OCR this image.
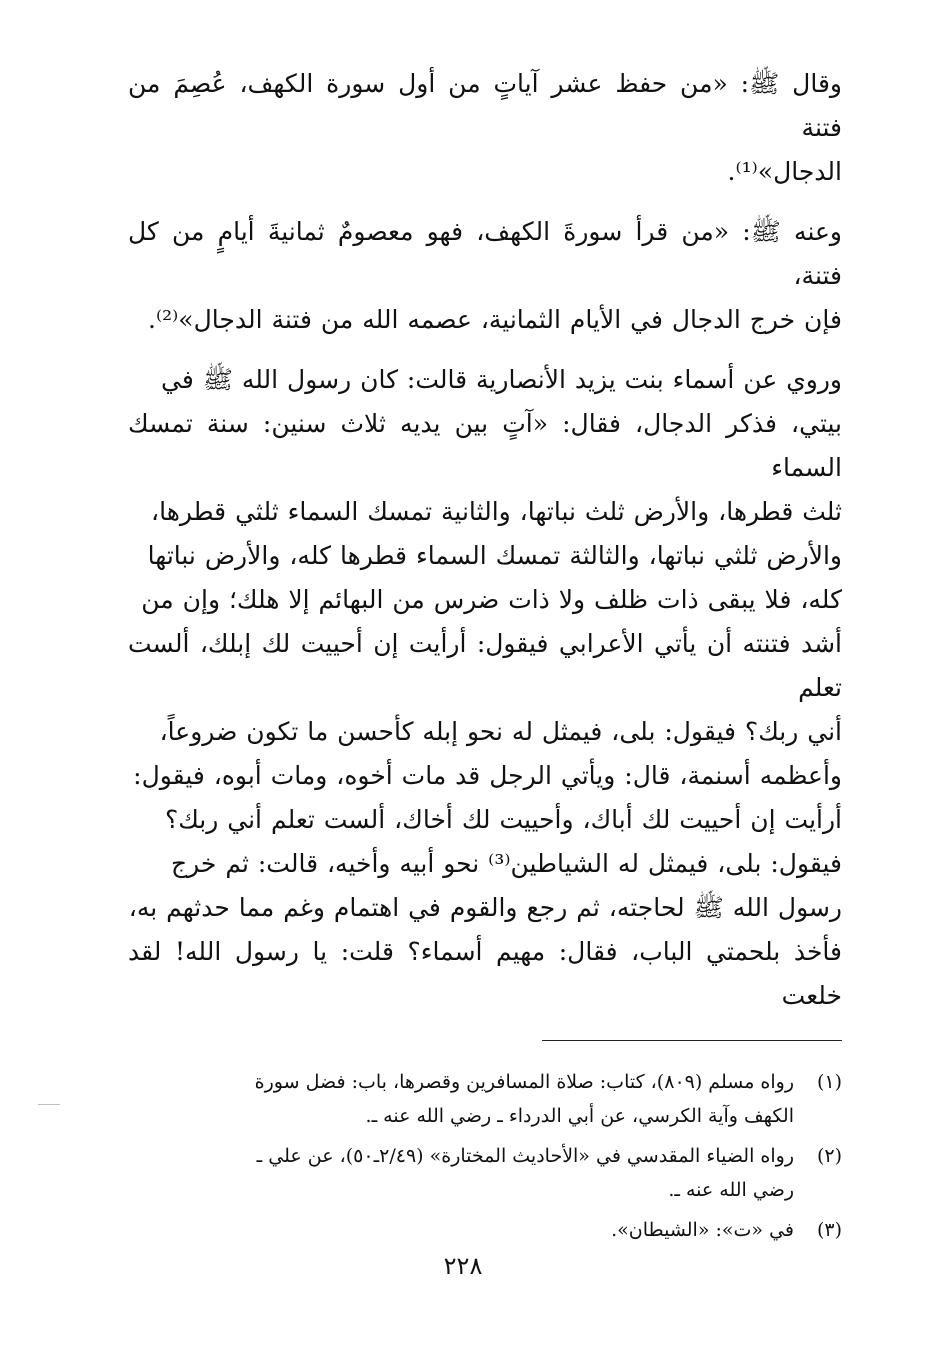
وقال ﷺ: «من حفظ عشر آياتٍ من أول سورة الكهف، عُصِمَ من فتنة
الدجال»⁽¹⁾.

وعنه ﷺ: «من قرأ سورةَ الكهف، فهو معصومٌ ثمانيةَ أيامٍ من كل فتنة،
فإن خرج الدجال في الأيام الثمانية، عصمه الله من فتنة الدجال»⁽²⁾.

وروي عن أسماء بنت يزيد الأنصارية قالت: كان رسول الله ﷺ في
بيتي، فذكر الدجال، فقال: «آتٍ بين يديه ثلاث سنين: سنة تمسك السماء
ثلث قطرها، والأرض ثلث نباتها، والثانية تمسك السماء ثلثي قطرها،
والأرض ثلثي نباتها، والثالثة تمسك السماء قطرها كله، والأرض نباتها
كله، فلا يبقى ذات ظلف ولا ذات ضرس من البهائم إلا هلك؛ وإن من
أشد فتنته أن يأتي الأعرابي فيقول: أرأيت إن أحييت لك إبلك، ألست تعلم
أني ربك؟ فيقول: بلى، فيمثل له نحو إبله كأحسن ما تكون ضروعاً،
وأعظمه أسنمة، قال: ويأتي الرجل قد مات أخوه، ومات أبوه، فيقول:
أرأيت إن أحييت لك أباك، وأحييت لك أخاك، ألست تعلم أني ربك؟
فيقول: بلى، فيمثل له الشياطين⁽³⁾ نحو أبيه وأخيه، قالت: ثم خرج
رسول الله ﷺ لحاجته، ثم رجع والقوم في اهتمام وغم مما حدثهم به،
فأخذ بلحمتي الباب، فقال: مهيم أسماء؟ قلت: يا رسول الله! لقد خلعت

(١)
رواه مسلم (٨٠٩)، كتاب: صلاة المسافرين وقصرها، باب: فضل سورة
الكهف وآية الكرسي، عن أبي الدرداء ـ رضي الله عنه ـ.
(٢)
رواه الضياء المقدسي في «الأحاديث المختارة» (٢/٤٩ـ٥٠)، عن علي ـ
رضي الله عنه ـ.
(٣)
في «ت»: «الشيطان».
٢٢٨
